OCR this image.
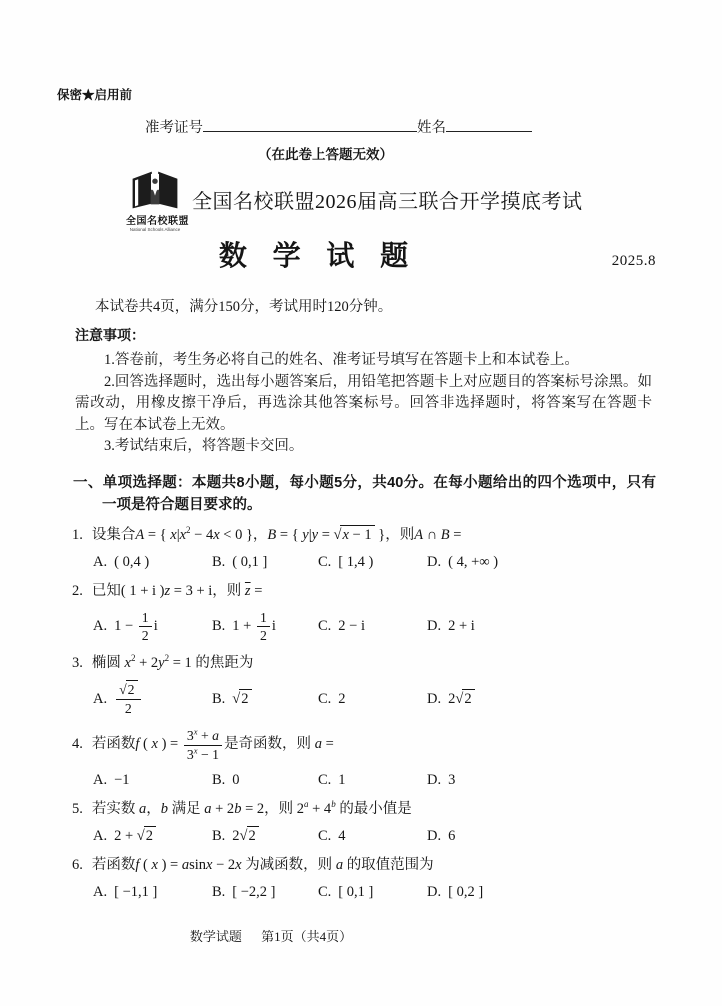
保密★启用前
准考证号	姓名
（在此卷上答题无效）
全国名校联盟
National Schools Alliance
全国名校联盟2026届高三联合开学摸底考试
数 学 试 题	2025.8

本试卷共4页，满分150分，考试用时120分钟。

注意事项：

1.答卷前，考生务必将自己的姓名、准考证号填写在答题卡上和本试卷上。

2.回答选择题时，选出每小题答案后，用铅笔把答题卡上对应题目的答案标号涂黑。如需改动，用橡皮擦干净后，再选涂其他答案标号。回答非选择题时，将答案写在答题卡上。写在本试卷上无效。

3.考试结束后，将答题卡交回。

一、单项选择题：本题共8小题，每小题5分，共40分。在每小题给出的四个选项中，只有一项是符合题目要求的。
1. 设集合A = { $x|x^2 - 4x < 0$ }，B = { y|y = √x − 1 }，则A ∩ B =
A. ( 0,4 )	B. ( 0,1 ]	C. [ 1,4 )	D. ( 4, +∞ )
2. 已知( 1 + i )z = 3 + i，则 $\overline{z}$ =
A. $1 - \frac{1}{2}$ i	B. $1 + \frac{1}{2}$ i	C. 2 − i	D. 2 + i
3. 椭圆 $x^2 + 2y^2 = 1$ 的焦距为
A. $\frac{√2}{2}$	B. √2	C. 2	D. 2√2
4. 若函数f ( x ) = $\frac{3^x + a}{3^x - 1}$ 是奇函数，则 a =
A. −1	B. 0	C. 1	D. 3
5. 若实数 a，b 满足 a + 2b = 2，则 $2^a + 4^b$ 的最小值是
A. 2 + √2	B. 2√2	C. 4	D. 6
6. 若函数f ( x ) = asinx − 2x 为减函数，则 a 的取值范围为
A. [ −1,1 ]	B. [ −2,2 ]	C. [ 0,1 ]	D. [ 0,2 ]
数学试题 第1页（共4页）
